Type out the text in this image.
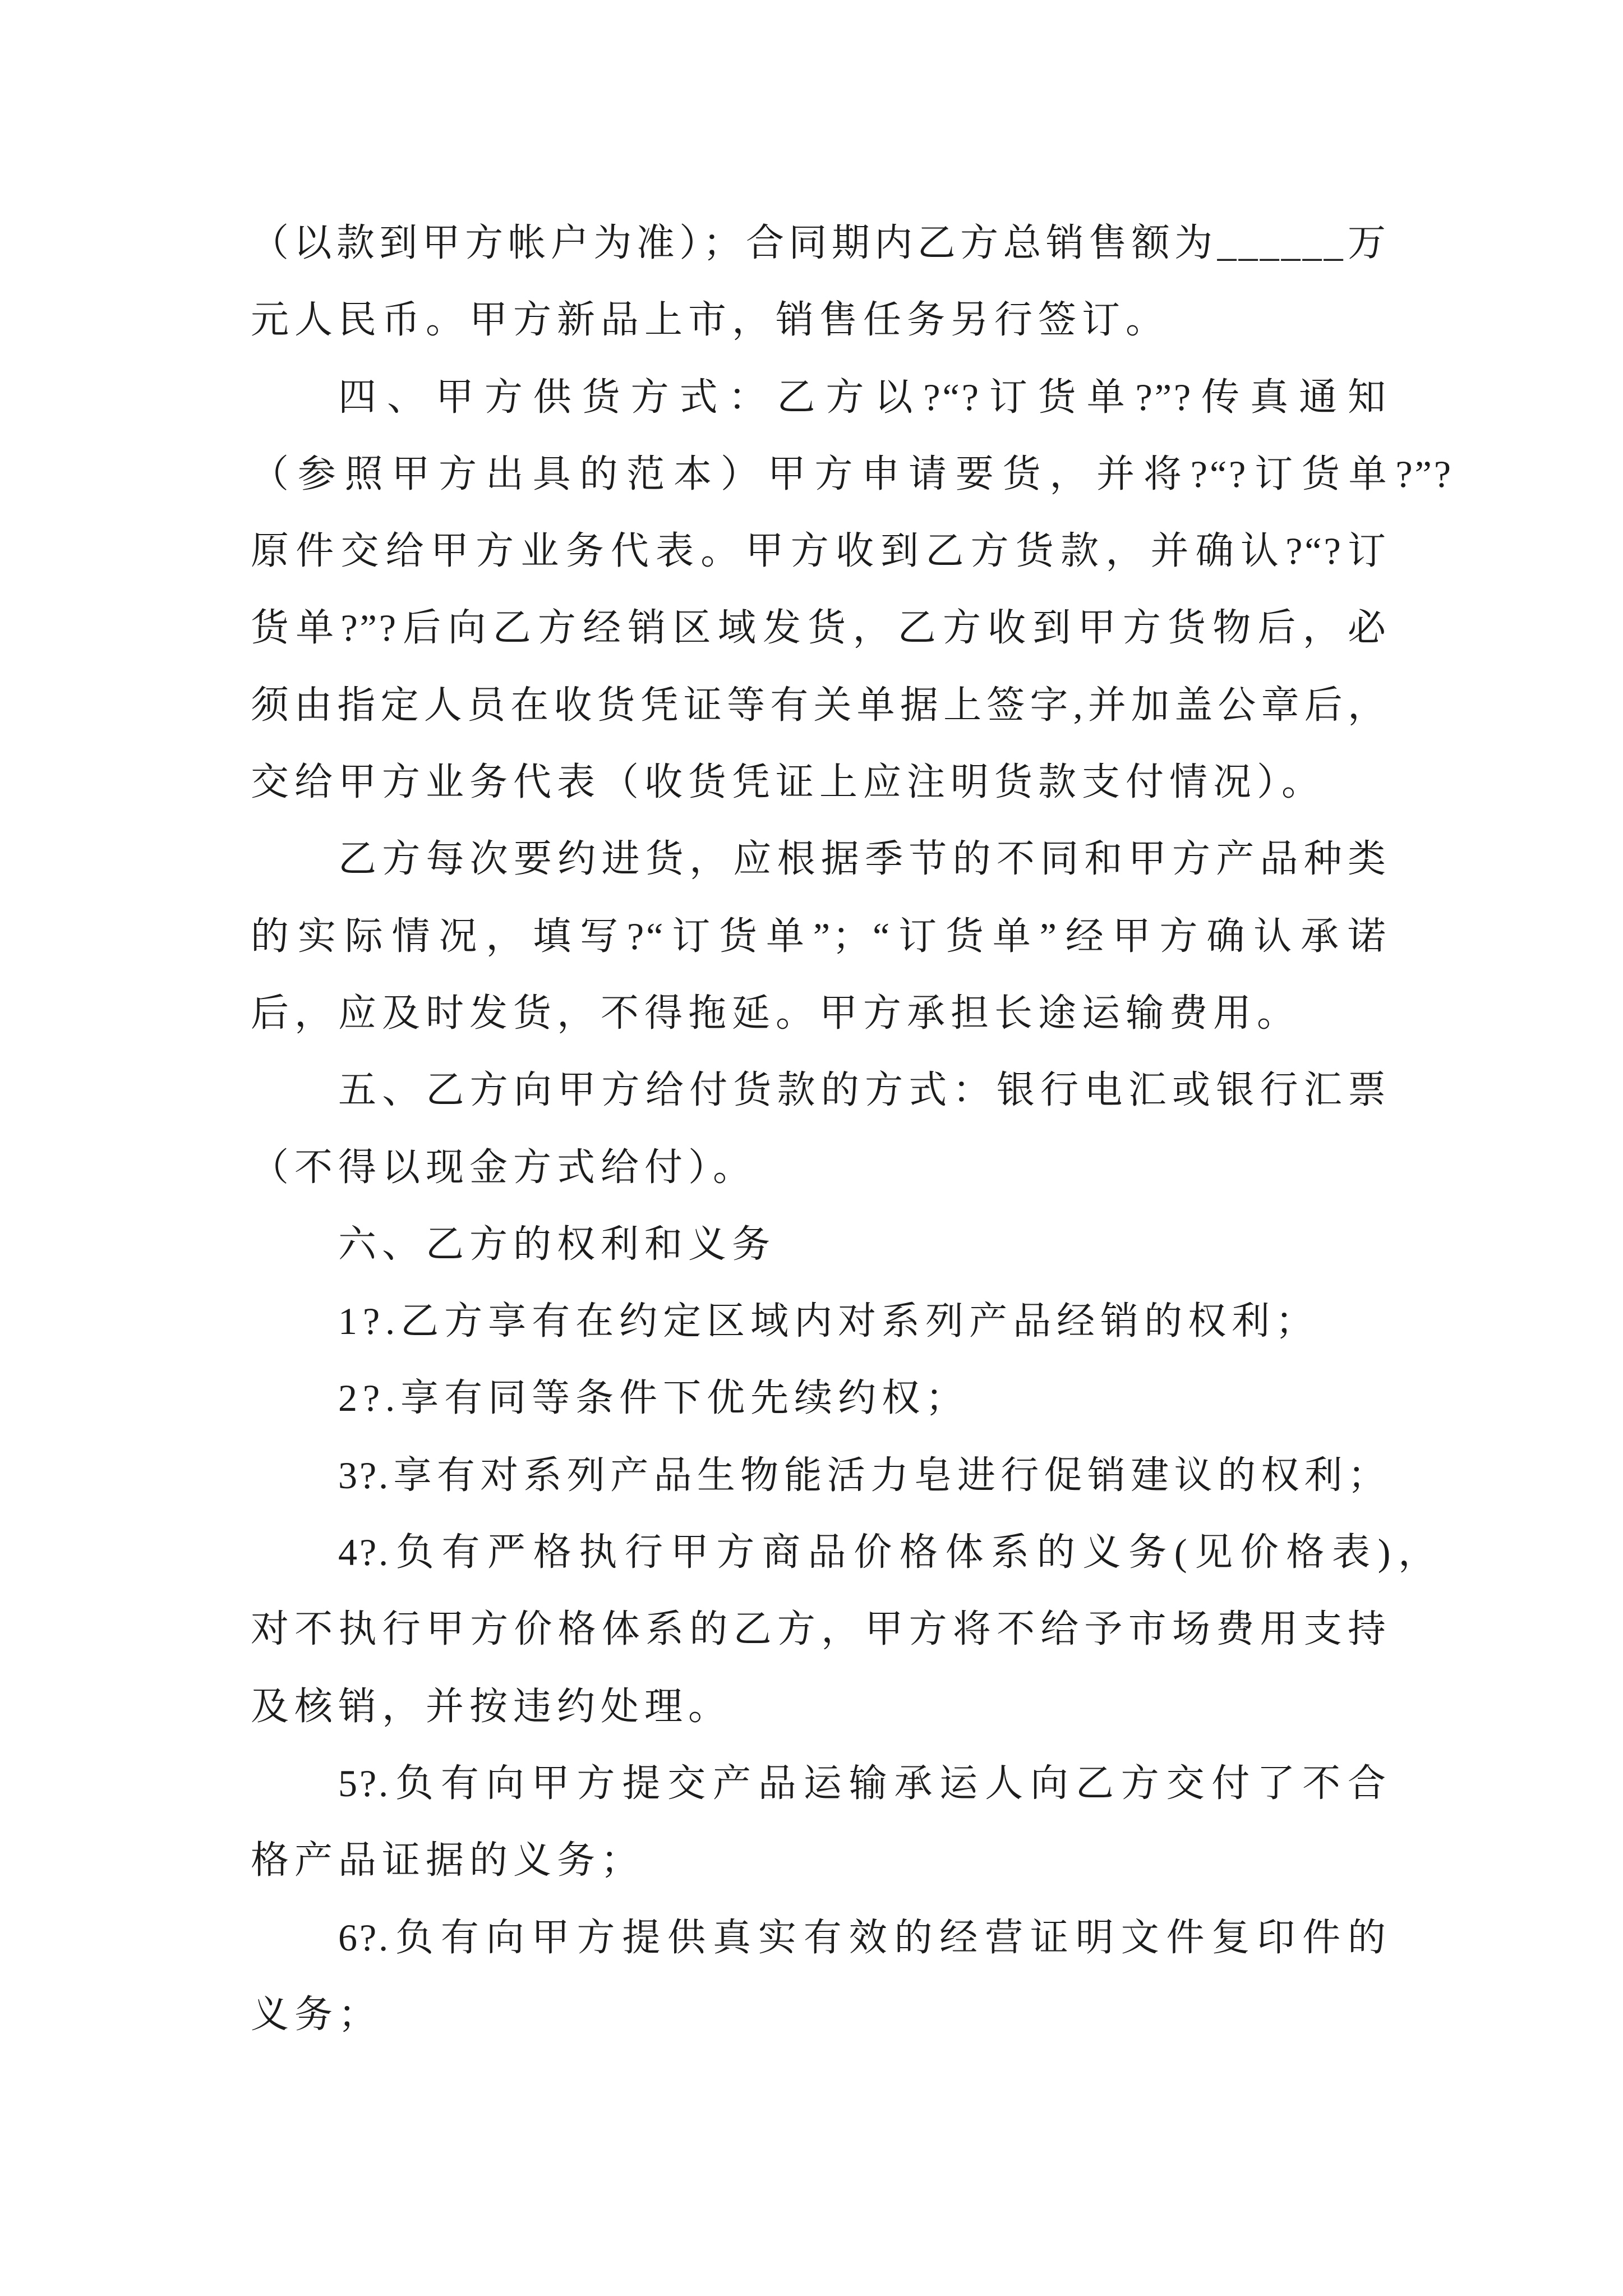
（以款到甲方帐户为准）；合同期内乙方总销售额为______万
元人民币。甲方新品上市，销售任务另行签订。
四、甲方供货方式：乙方以?“?订货单?”?传真通知
（参照甲方出具的范本）甲方申请要货，并将?“?订货单?”?
原件交给甲方业务代表。甲方收到乙方货款，并确认?“?订
货单?”?后向乙方经销区域发货，乙方收到甲方货物后，必
须由指定人员在收货凭证等有关单据上签字,并加盖公章后，
交给甲方业务代表（收货凭证上应注明货款支付情况）。
乙方每次要约进货，应根据季节的不同和甲方产品种类
的实际情况，填写?“订货单”；“订货单”经甲方确认承诺
后，应及时发货，不得拖延。甲方承担长途运输费用。
五、乙方向甲方给付货款的方式：银行电汇或银行汇票
（不得以现金方式给付）。
六、乙方的权利和义务
1?.乙方享有在约定区域内对系列产品经销的权利；
2?.享有同等条件下优先续约权；
3?.享有对系列产品生物能活力皂进行促销建议的权利；
4?.负有严格执行甲方商品价格体系的义务(见价格表)，
对不执行甲方价格体系的乙方，甲方将不给予市场费用支持
及核销，并按违约处理。
5?.负有向甲方提交产品运输承运人向乙方交付了不合
格产品证据的义务；
6?.负有向甲方提供真实有效的经营证明文件复印件的
义务；
